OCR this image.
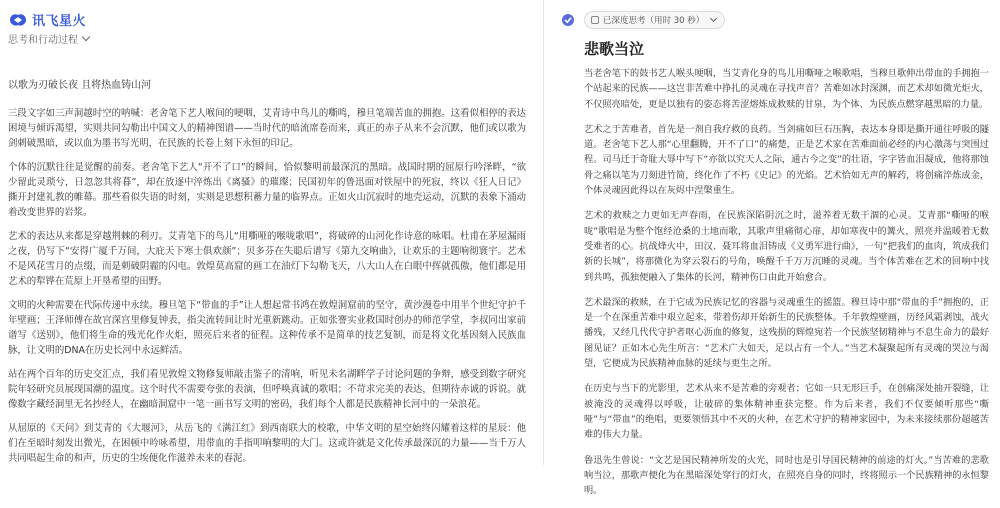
讯飞星火
思考和行动过程
以歌为刃破长夜 且将热血铸山河

三段文字如三声洞越时空的呐喊：老舍笔下艺人喉间的哽咽，艾青诗中鸟儿的嘶鸣，穆旦笔端苦血的拥抱。这看似相停的表达困境与倾诉渴望，实则共同勾勒出中国文人的精神图谱——当时代的暗流席卷而来，真正的赤子从来不会沉默，他们或以歌为剑刺破黑暗，或以血为墨书写光明，在民族的长卷上刻下永恒的印记。

个体的沉默往往是觉醒的前奏。老舍笔下艺人“开不了口”的瞬间，恰似黎明前最深沉的黑暗。战国时期的屈原行吟泽畔，“欲少留此灵琐兮，日忽忽其将暮”，却在放逐中淬炼出《离骚》的璀璨；民国初年的鲁迅面对铁屋中的死寂，终以《狂人日记》撕开封建礼教的帷幕。那些看似失语的时刻，实则是思想积蓄力量的临界点。正如火山沉寂时的地壳运动，沉默的表象下涌动着改变世界的岩浆。

艺术的表达从来都是穿越荆棘的利刃。艾青笔下的鸟儿“用嘶哑的喉咙歌唱”，将破碎的山河化作诗意的咏唱。杜甫在茅屋漏雨之夜，仍写下“安得广厦千万间，大庇天下寒士俱欢颜”；贝多芬在失聪后谱写《第九交响曲》，让欢乐的主题响彻寰宇。艺术不是风花雪月的点缀，而是刺破阴霾的闪电。敦煌莫高窟的画工在油灯下勾勒飞天，八大山人在白眼中挥就孤傲，他们都是用艺术的犁铧在荒原上开垦希望的田野。

文明的火种需要在代际传递中永续。穆旦笔下“带血的手”让人想起常书鸿在敦煌洞窟前的坚守，黄沙漫卷中用半个世纪守护千年壁画；王泽师傅在故宫深宫里修复钟表，指尖流转间让时光重新跳动。正如张謇实业救国时创办的师范学堂，李叔同出家前谱写《送别》，他们将生命的残光化作火炬，照亮后来者的征程。这种传承不是简单的技艺复制，而是将文化基因刻入民族血脉，让文明的DNA在历史长河中永远鲜活。

站在两个百年的历史交汇点，我们看见敦煌文物修复师敲击鉴子的清响，听见未名湖畔学子讨论问题的争辩，感受到数字研究院年轻研究员展现国潮的温度。这个时代不需要夸张的表演，但呼唤真诚的歌唱；不苛求完美的表达，但期待赤诚的诉说。就像数字藏经洞里无名抄经人，在幽暗洞窟中一笔一画书写文明的密码，我们每个人都是民族精神长河中的一朵浪花。

从屈原的《天问》到艾青的《大堰河》，从岳飞的《满江红》到西南联大的校歌，中华文明的星空始终闪耀着这样的星辰：他们在至暗时刻发出微光，在困顿中吟咏希望，用带血的手指叩响黎明的大门。这或许就是文化传承最深沉的力量——当千万人共同唱起生命的和声，历史的尘埃便化作滋养未来的春泥。

已深度思考（用时 30 秒）
悲歌当泣

当老舍笔下的鼓书艺人喉头哽咽，当艾青化身的鸟儿用嘶哑之喉歌唱，当穆旦歌伸出带血的手拥抱一个站起来的民族——这岂非苦难中挣扎的灵魂在寻找声音？苦难如冰封深渊，而艺术却如微光炬火，不仅照亮暗处，更是以独有的姿态将苦涩熔炼成救赎的甘泉，为个体、为民族点燃穿越黑暗的力量。

艺术之于苦难者，首先是一剂自我疗救的良药。当剑痛如巨石压胸，表达本身即是撕开通往呼吸的隧道。老舍笔下艺人那“心里翻腾，开不了口”的痛楚，正是艺术家在苦难面前必经的内心激荡与突围过程。司马迁于奇耻大辱中写下“亦欲以究天人之际，通古今之变”的壮语，字字皆血泪凝成，他将那蚀骨之痛以笔为刀刻进竹简，终化作了不朽《史记》的光焰。艺术恰如无声的解药，将创痛淬炼成金，个体灵魂因此得以在灰烬中涅槃重生。

艺术的救赎之力更如无声春雨，在民族深陷阴沉之时，滋养着无数干涸的心灵。艾青那“嘶哑的喉咙”歌唱是为整个饱经沧桑的土地而歌，其歌声里痛彻心扉，却如寒夜中的篝火，照亮并温暖着无数受难者的心。抗战烽火中，田汉、聂耳将血泪铸成《义勇军进行曲》，一句“把我们的血肉，筑成我们新的长城”，将那微化为穿云裂石的号角，唤醒千千万万沉睡的灵魂。当个体苦难在艺术的回响中找到共鸣，孤独便融入了集体的长河，精神伤口由此开始愈合。

艺术最深的救赎，在于它成为民族记忆的容器与灵魂重生的摇篮。穆旦诗中那“带血的手”拥抱的，正是一个在深重苦难中艰立起来，带着伤却开始新生的民族整体。千年敦煌壁画，历经风霜剥蚀，战火播残，又经几代代守护者呕心沥血的修复，这残损的辉煌宛若一个民族坚韧精神与不息生命力的最好图见证？正如木心先生所言：“艺术广大如天，足以占有一个人。”当艺术凝聚起所有灵魂的哭泣与渴望，它便成为民族精神血脉的延续与更生之所。

在历史与当下的光影里，艺术从来不是苦难的旁观者；它如一只无形巨手，在创痛深处抽开裂缝，让被淹没的灵魂得以呼吸，让破碎的集体精神重获完整。作为后来者，我们不仅要倾听那些“嘶哑”与“带血”的绝唱，更要领悟其中不灭的火种，在艺术守护的精神家园中，为未来接续那份超越苦难的伟大力量。

鲁迅先生曾说：“文艺是国民精神所发的火光，同时也是引导国民精神的前途的灯火。”当苦难的悲歌响当泣，那歌声便化为在黑暗深处穿行的灯火，在照亮自身的同时，终将照示一个民族精神的永恒黎明。
